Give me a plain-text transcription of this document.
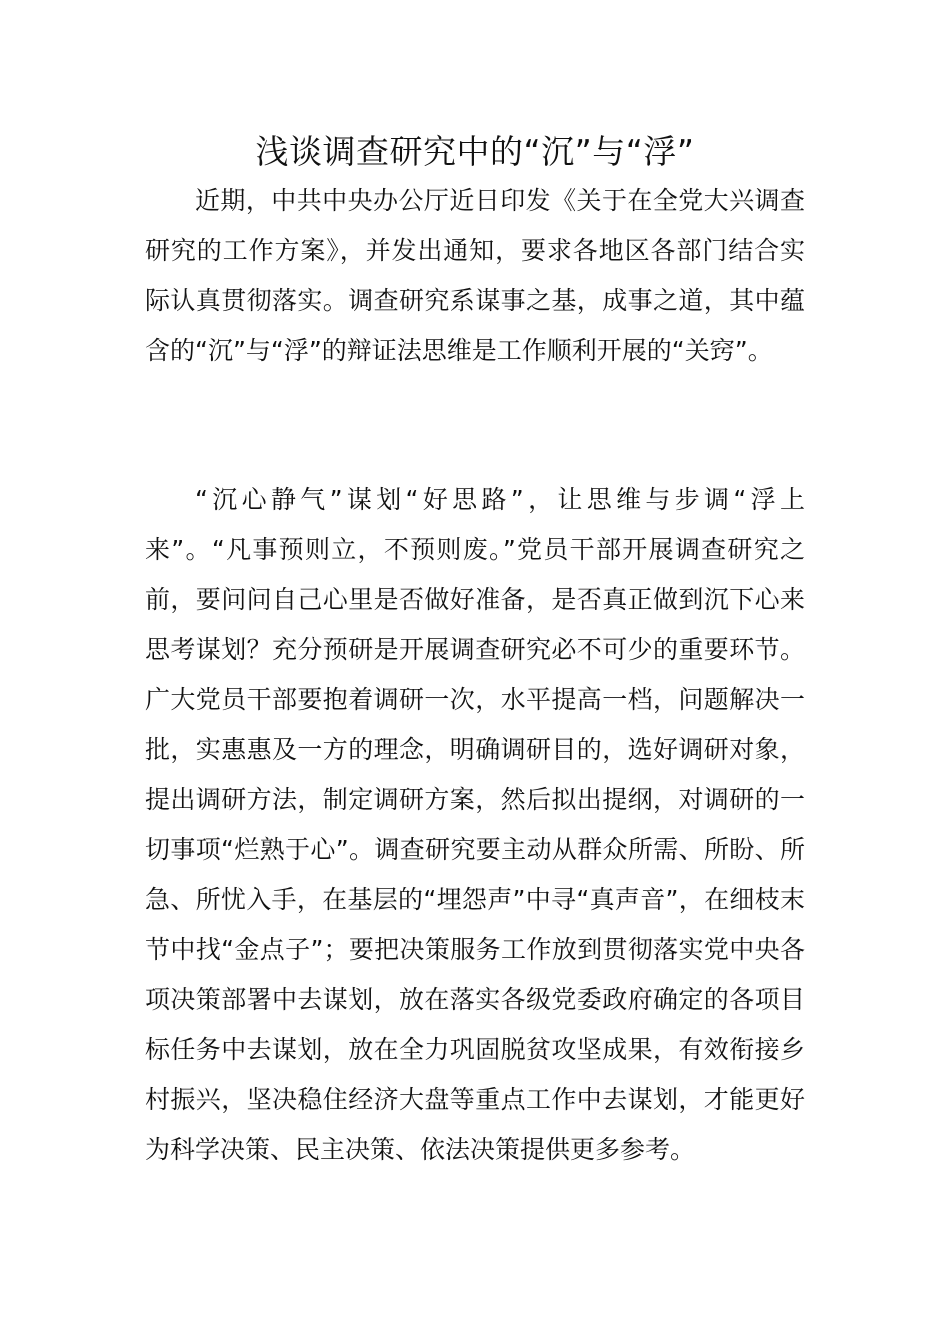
浅谈调查研究中的“沉”与“浮”

近期，中共中央办公厅近日印发《关于在全党大兴调查研究的工作方案》，并发出通知，要求各地区各部门结合实际认真贯彻落实。调查研究系谋事之基，成事之道，其中蕴含的“沉”与“浮”的辩证法思维是工作顺利开展的“关窍”。

“沉心静气”谋划“好思路”，让思维与步调“浮上来”。“凡事预则立，不预则废。”党员干部开展调查研究之前，要问问自己心里是否做好准备，是否真正做到沉下心来思考谋划？充分预研是开展调查研究必不可少的重要环节。广大党员干部要抱着调研一次，水平提高一档，问题解决一批，实惠惠及一方的理念，明确调研目的，选好调研对象，提出调研方法，制定调研方案，然后拟出提纲，对调研的一切事项“烂熟于心”。调查研究要主动从群众所需、所盼、所急、所忧入手，在基层的“埋怨声”中寻“真声音”，在细枝末节中找“金点子”；要把决策服务工作放到贯彻落实党中央各项决策部署中去谋划，放在落实各级党委政府确定的各项目标任务中去谋划，放在全力巩固脱贫攻坚成果，有效衔接乡村振兴，坚决稳住经济大盘等重点工作中去谋划，才能更好为科学决策、民主决策、依法决策提供更多参考。
